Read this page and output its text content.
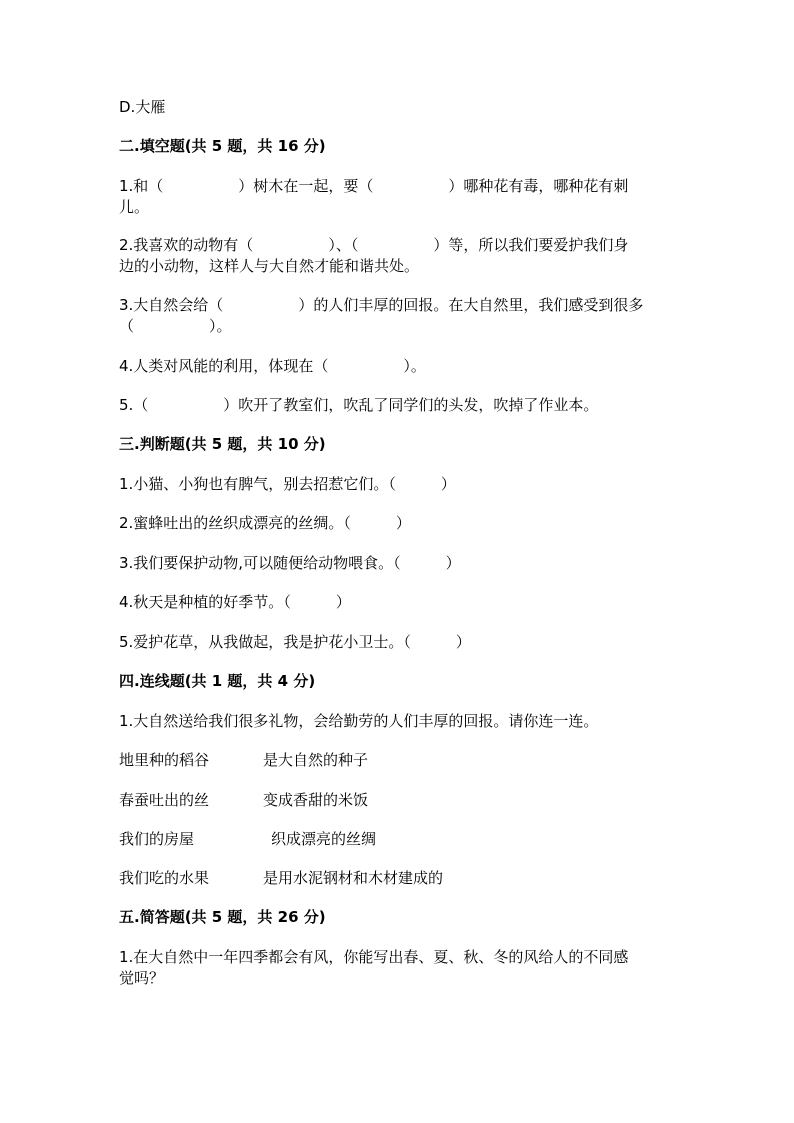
D.大雁

二.填空题(共 5 题，共 16 分)

1.和（　　　　　）树木在一起，要（　　　　　）哪种花有毒，哪种花有刺

儿。

2.我喜欢的动物有（　　　　　）、（　　　　　）等，所以我们要爱护我们身

边的小动物，这样人与大自然才能和谐共处。

3.大自然会给（　　　　　）的人们丰厚的回报。在大自然里，我们感受到很多

（　　　　　）。

4.人类对风能的利用，体现在（　　　　　）。

5.（　　　　　）吹开了教室们，吹乱了同学们的头发，吹掉了作业本。

三.判断题(共 5 题，共 10 分)

1.小猫、小狗也有脾气，别去招惹它们。（　　　）

2.蜜蜂吐出的丝织成漂亮的丝绸。（　　　）

3.我们要保护动物,可以随便给动物喂食。（　　　）

4.秋天是种植的好季节。（　　　）

5.爱护花草，从我做起，我是护花小卫士。（　　　）

四.连线题(共 1 题，共 4 分)

1.大自然送给我们很多礼物，会给勤劳的人们丰厚的回报。请你连一连。

地里种的稻谷	是大自然的种子
春蚕吐出的丝	变成香甜的米饭
我们的房屋	织成漂亮的丝绸
我们吃的水果	是用水泥钢材和木材建成的

五.简答题(共 5 题，共 26 分)

1.在大自然中一年四季都会有风，你能写出春、夏、秋、冬的风给人的不同感

觉吗？
